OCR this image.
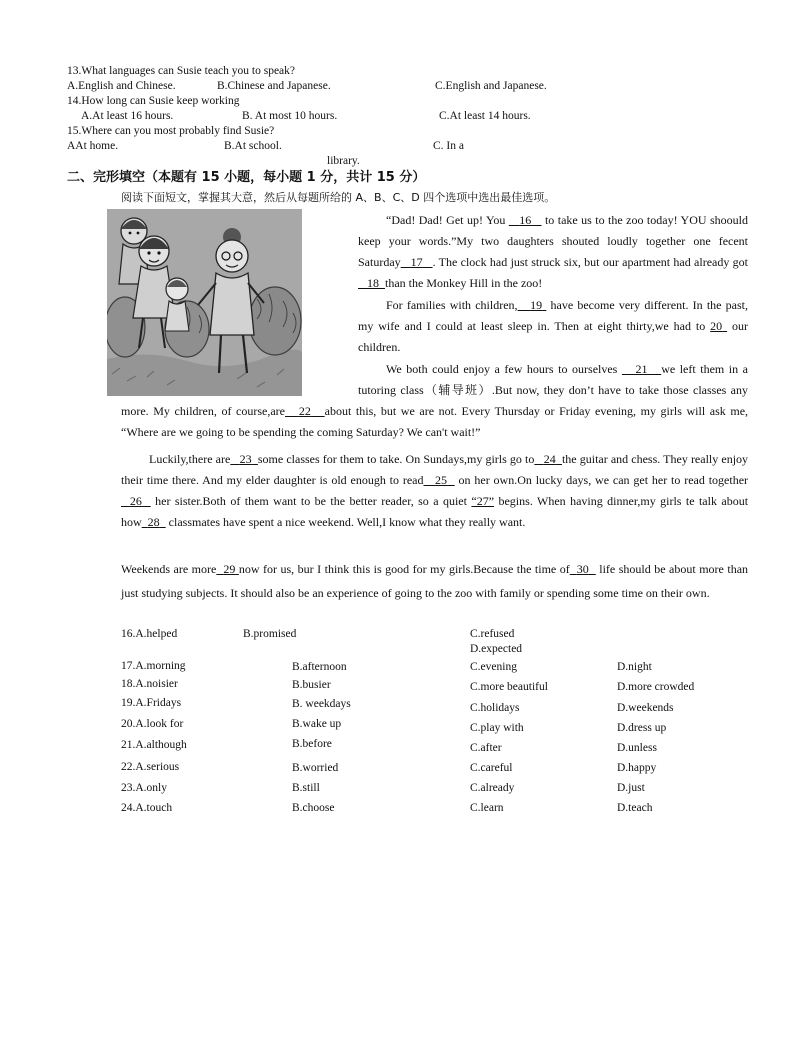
13.What languages can Susie teach you to speak?
A.English and Chinese.	B.Chinese and Japanese.	C.English and Japanese.
14.How long can Susie keep working
A.At least 16 hours.	B. At most 10 hours.	C.At least 14 hours.
15.Where can you most probably find Susie?
AAt home.	B.At school.	C. In a
library.
二、完形填空（本题有 15 小题，每小题 1 分，共计 15 分）
阅读下面短文，掌握其大意，然后从每题所给的 A、B、C、D 四个选项中选出最佳选项。

“Dad! Dad! Get up! You    16    to take us to the zoo today! YOU shoould keep your words.”My two daughters shouted loudly together one fecent Saturday 17 . The clock had just struck six, but our apartment had already got    18 than the Monkey Hill in the zoo!

For families with children, 19  have become very different. In the past, my wife and I could at least sleep in. Then at eight thirty,we had to 20  our children.

We both could enjoy a few hours to ourselves    21 we left them in a tutoring class（辅导班）.But now, they don’t have to take those classes any more. My children, of course,are 22 about this, but we are not. Every Thursday or Friday evening, my girls will ask me, “Where are we going to be spending the coming Saturday? We can't wait!”

Luckily,there are 23 some classes for them to take. On Sundays,my girls go to 24 the guitar and chess. They really enjoy their time there. And my elder daughter is old enough to read 25   on her own.On lucky days, we can get her to read together   26   her sister.Both of them want to be the better reader, so a quiet “27” begins. When having dinner,my girls te talk about how 28   classmates have spent a nice weekend. Well,I know what they really want.

Weekends are more 29 now for us, bur I think this is good for my girls.Because the time of 30   life should be about more than just studying subjects. It should also be an experience of going to the zoo with family or spending some time on their own.

16.A.helped	B.promised	C.refused
D.expected
17.A.morning	B.afternoon	C.evening	D.night
18.A.noisier	B.busier	C.more beautiful	D.more crowded
19.A.Fridays	B. weekdays	C.holidays	D.weekends
20.A.look for	B.wake up	C.play with	D.dress up
21.A.although	B.before	C.after	D.unless
22.A.serious	B.worried	C.careful	D.happy
23.A.only	B.still	C.already	D.just
24.A.touch	B.choose	C.learn	D.teach
